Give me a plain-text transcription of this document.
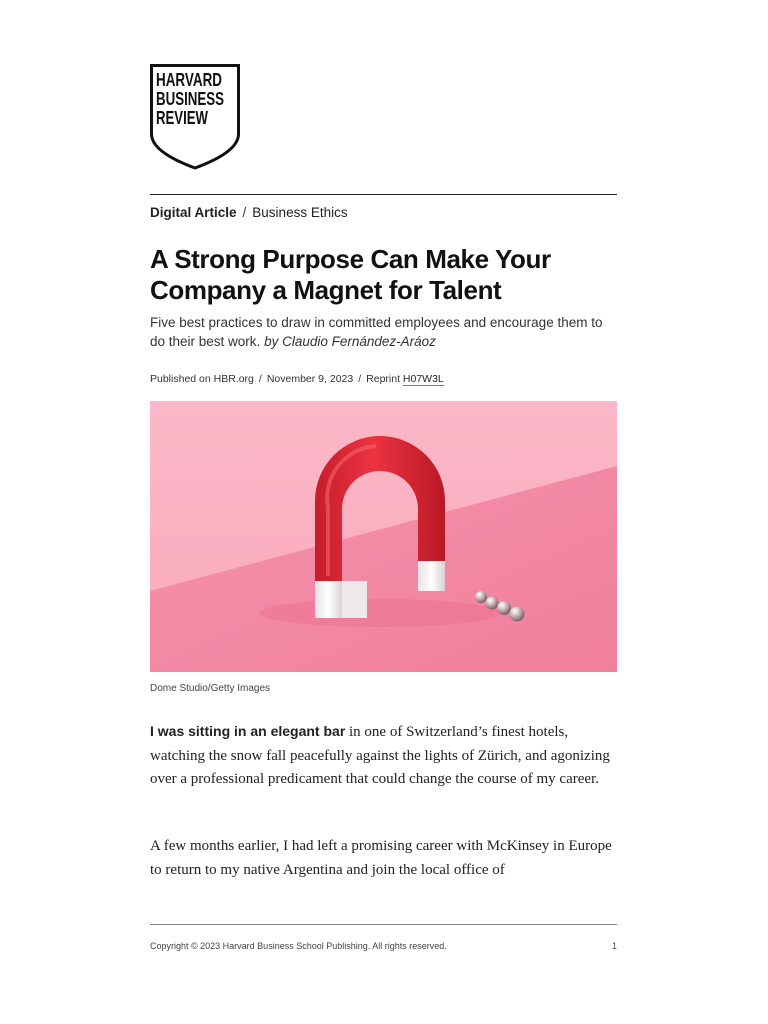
HARVARD
BUSINESS
REVIEW
Digital Article / Business Ethics
A Strong Purpose Can Make Your Company a Magnet for Talent

Five best practices to draw in committed employees and encourage them to do their best work. by Claudio Fernández-Aráoz

Published on HBR.org / November 9, 2023 / Reprint H07W3L
Dome Studio/Getty Images

I was sitting in an elegant bar in one of Switzerland’s finest hotels, watching the snow fall peacefully against the lights of Zürich, and agonizing over a professional predicament that could change the course of my career.

A few months earlier, I had left a promising career with McKinsey in Europe to return to my native Argentina and join the local office of

Copyright © 2023 Harvard Business School Publishing. All rights reserved.	1
